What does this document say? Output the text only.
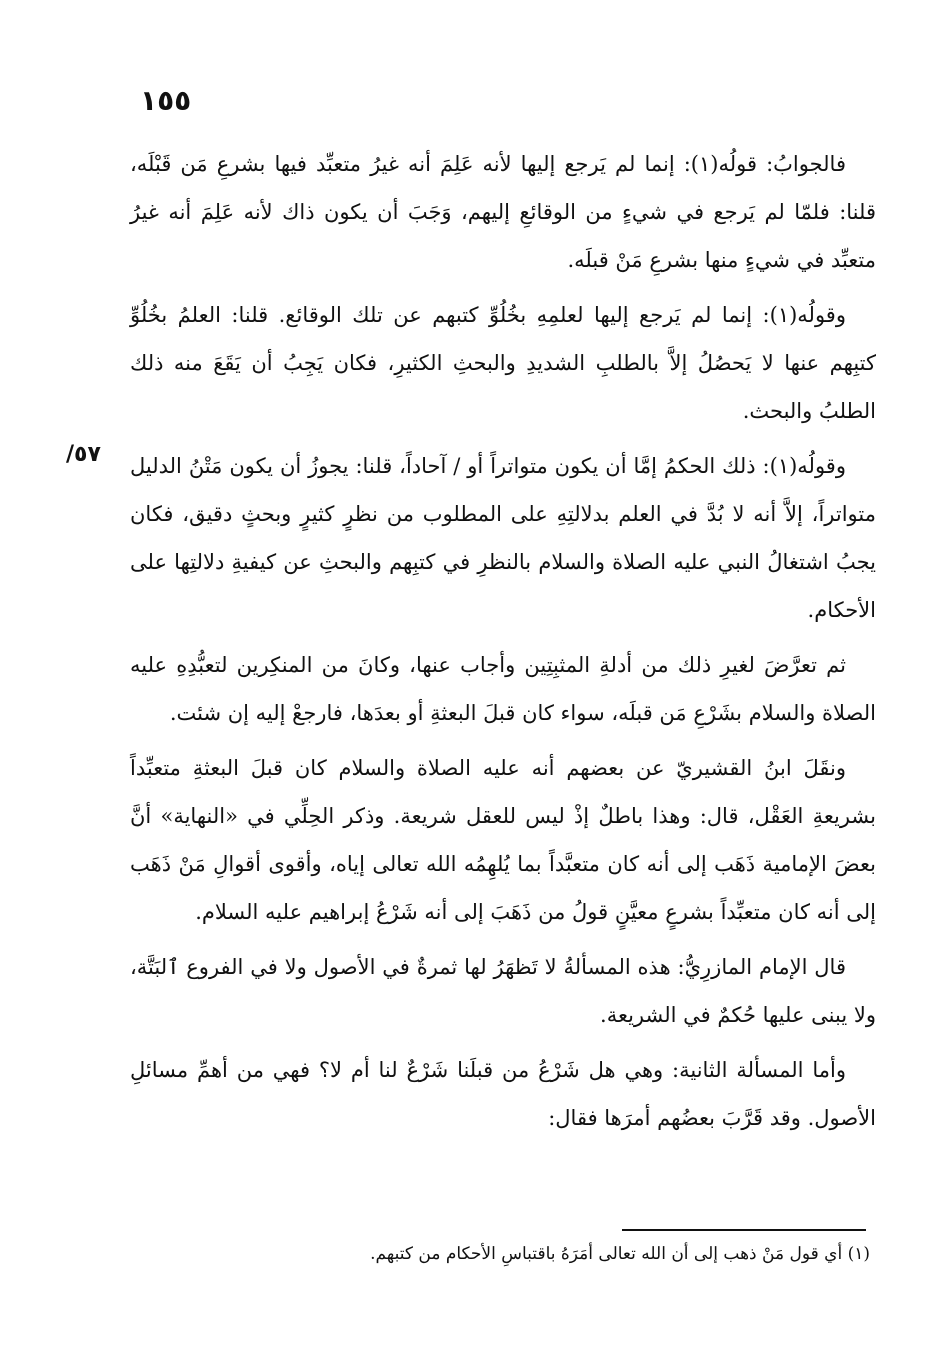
١٥٥
٥٧/

فالجوابُ: قولُه(١): إنما لم يَرجع إليها لأنه عَلِمَ أنه غيرُ متعبِّد فيها بشرعِ مَن قَبْلَه، قلنا: فلمّا لم يَرجع في شيءٍ من الوقائعِ إليهم، وَجَبَ أن يكون ذاك لأنه عَلِمَ أنه غيرُ متعبِّد في شيءٍ منها بشرعِ مَنْ قبلَه.

وقولُه(١): إنما لم يَرجع إليها لعلمِهِ بخُلُوِّ كتبهم عن تلك الوقائع. قلنا: العلمُ بخُلُوِّ كتبِهم عنها لا يَحصُلُ إلاَّ بالطلبِ الشديدِ والبحثِ الكثيرِ، فكان يَجِبُ أن يَقَعَ منه ذلك الطلبُ والبحث.

وقولُه(١): ذلك الحكمُ إمَّا أن يكون متواتراً أو / آحاداً، قلنا: يجوزُ أن يكون مَتْنُ الدليل متواتراً، إلاَّ أنه لا بُدَّ في العلم بدلالتِهِ على المطلوب من نظرٍ كثيرٍ وبحثٍ دقيق، فكان يجبُ اشتغالُ النبي عليه الصلاة والسلام بالنظرِ في كتبِهم والبحثِ عن كيفيةِ دلالتِها على الأحكام.

ثم تعرَّضَ لغيرِ ذلك من أدلةِ المثبِتِين وأجاب عنها، وكانَ من المنكِرين لتعبُّدِهِ عليه الصلاة والسلام بشَرْعِ مَن قبلَه، سواء كان قبلَ البعثةِ أو بعدَها، فارجعْ إليه إن شئت.

ونقَلَ ابنُ القشيريّ عن بعضهم أنه عليه الصلاة والسلام كان قبلَ البعثةِ متعبِّداً بشريعةِ العَقْل، قال: وهذا باطلٌ إذْ ليس للعقل شريعة. وذكر الحِلِّي في «النهاية» أنَّ بعضَ الإمامية ذَهَب إلى أنه كان متعبَّداً بما يُلهِمُه الله تعالى إياه، وأقوى أقوالِ مَنْ ذَهَب إلى أنه كان متعبِّداً بشرعٍ معيَّنٍ قولُ من ذَهَبَ إلى أنه شَرْعُ إبراهيم عليه السلام.

قال الإمام المازرِيُّ: هذه المسألةُ لا تَظهَرُ لها ثمرةٌ في الأصول ولا في الفروع ٱلبَتَّة، ولا يبنى عليها حُكمٌ في الشريعة.

وأما المسألة الثانية: وهي هل شَرْعُ من قبلَنا شَرْعٌ لنا أم لا؟ فهي من أهمِّ مسائلِ الأصول. وقد قَرَّبَ بعضُهم أمرَها فقال:

(١) أي قول مَنْ ذهب إلى أن الله تعالى أمَرَهُ باقتباسِ الأحكام من كتبهم.
